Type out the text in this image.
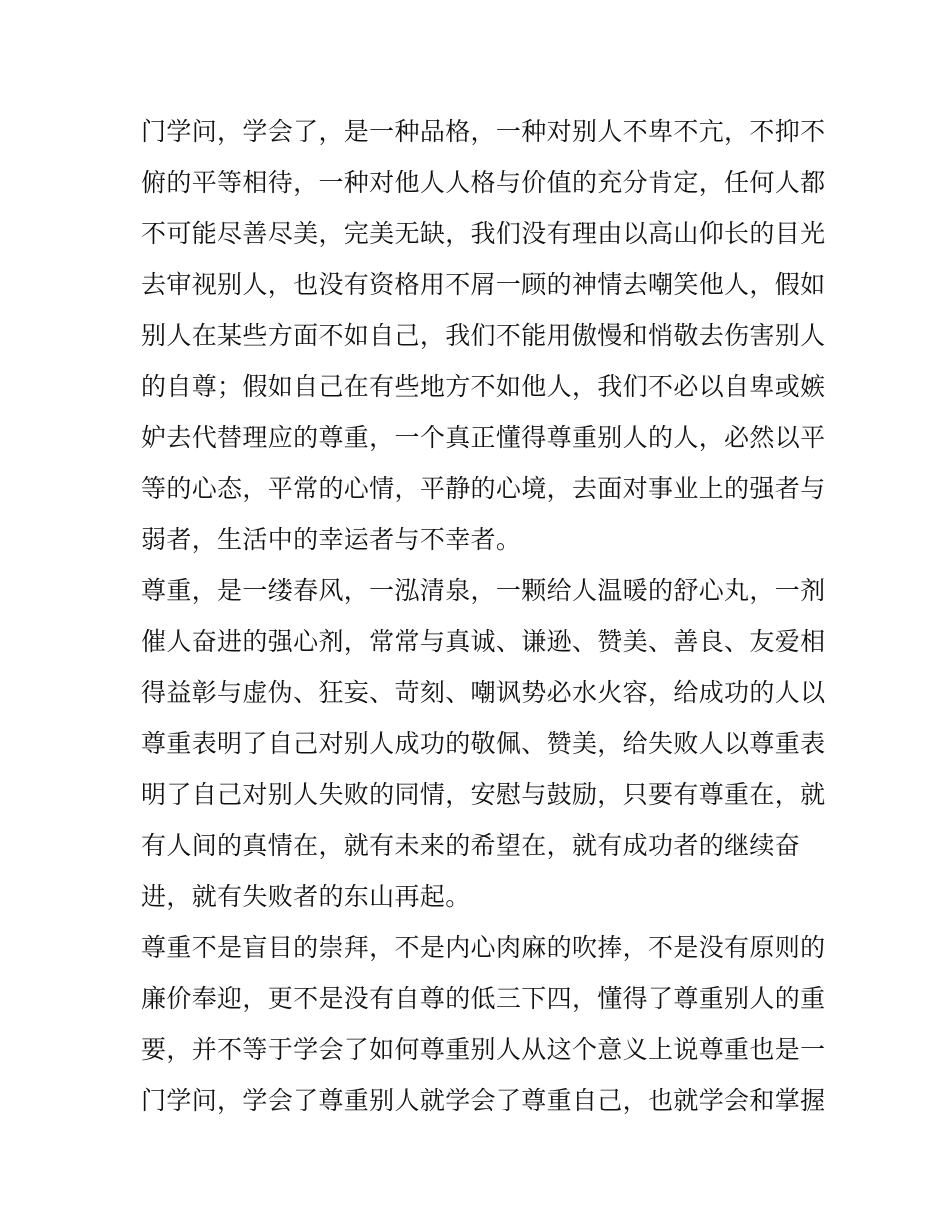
门学问，学会了，是一种品格，一种对别人不卑不亢，不抑不
俯的平等相待，一种对他人人格与价值的充分肯定，任何人都
不可能尽善尽美，完美无缺，我们没有理由以高山仰长的目光
去审视别人，也没有资格用不屑一顾的神情去嘲笑他人，假如
别人在某些方面不如自己，我们不能用傲慢和悄敬去伤害别人
的自尊；假如自己在有些地方不如他人，我们不必以自卑或嫉
妒去代替理应的尊重，一个真正懂得尊重别人的人，必然以平
等的心态，平常的心情，平静的心境，去面对事业上的强者与
弱者，生活中的幸运者与不幸者。
尊重，是一缕春风，一泓清泉，一颗给人温暖的舒心丸，一剂
催人奋进的强心剂，常常与真诚、谦逊、赞美、善良、友爱相
得益彰与虚伪、狂妄、苛刻、嘲讽势必水火容，给成功的人以
尊重表明了自己对别人成功的敬佩、赞美，给失败人以尊重表
明了自己对别人失败的同情，安慰与鼓励，只要有尊重在，就
有人间的真情在，就有未来的希望在，就有成功者的继续奋
进，就有失败者的东山再起。
尊重不是盲目的崇拜，不是内心肉麻的吹捧，不是没有原则的
廉价奉迎，更不是没有自尊的低三下四，懂得了尊重别人的重
要，并不等于学会了如何尊重别人从这个意义上说尊重也是一
门学问，学会了尊重别人就学会了尊重自己，也就学会和掌握
